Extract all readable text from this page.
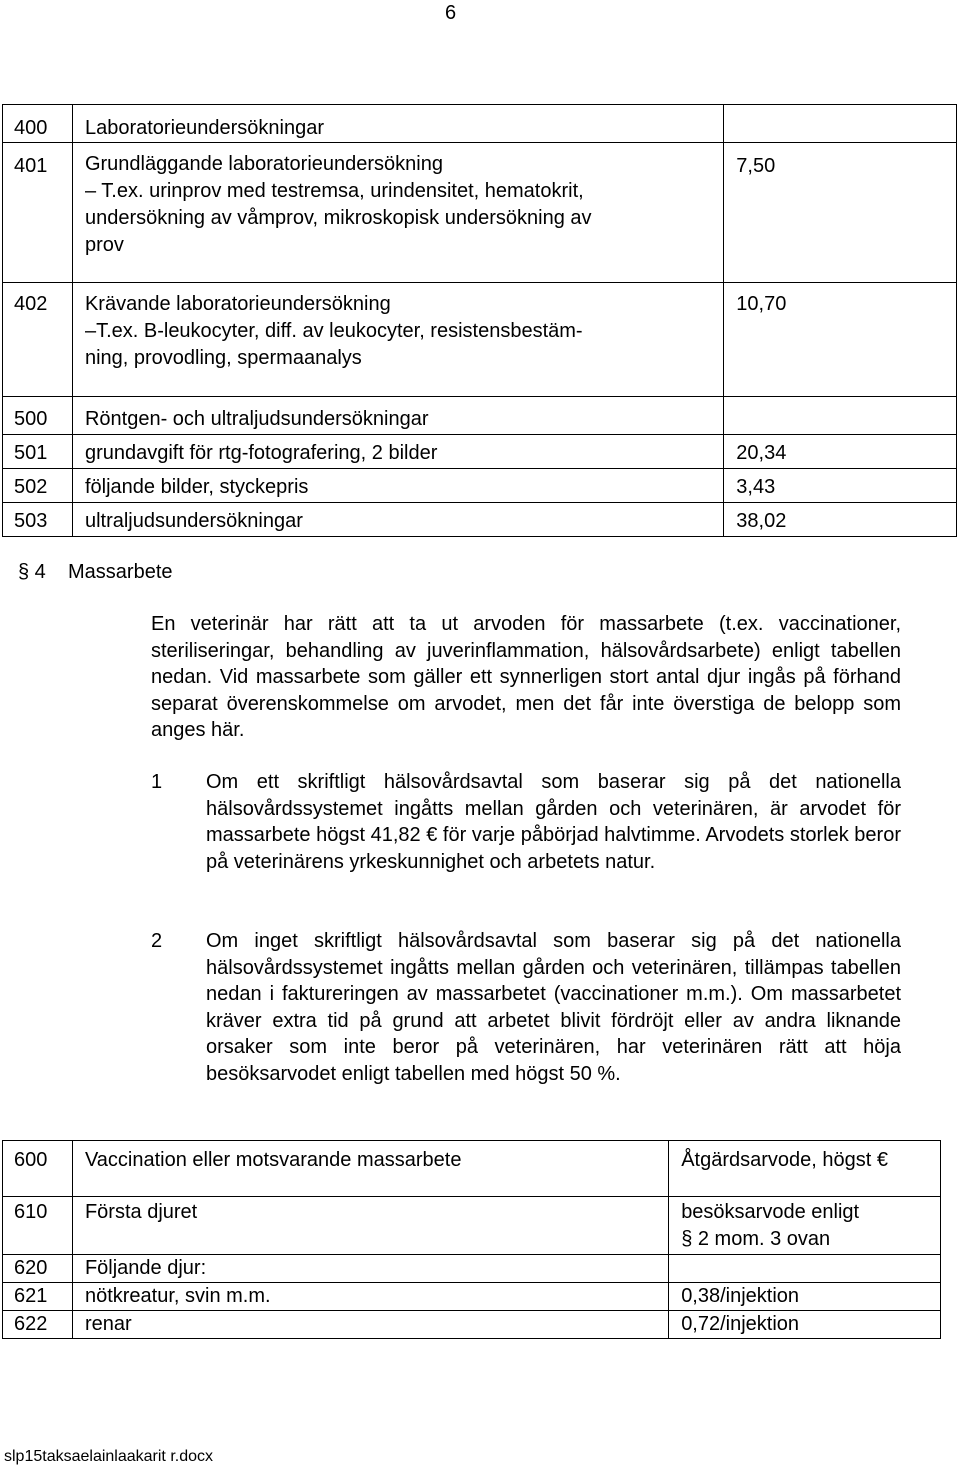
6
400	Laboratorieundersökningar	
401	Grundläggande laboratorieundersökning
– T.ex. urinprov med testremsa, urindensitet, hematokrit,
undersökning av våmprov, mikroskopisk undersökning av
prov	7,50
402	Krävande laboratorieundersökning
–T.ex. B-leukocyter, diff. av leukocyter, resistensbestäm-
ning, provodling, spermaanalys	10,70
500	Röntgen- och ultraljudsundersökningar	
501	grundavgift för rtg-fotografering, 2 bilder	20,34
502	följande bilder, styckepris	3,43
503	ultraljudsundersökningar	38,02
§ 4 Massarbete
En veterinär har rätt att ta ut arvoden för massarbete (t.ex. vaccinationer, steriliseringar, behandling av juverinflammation, hälsovårdsarbete) enligt tabellen nedan. Vid massarbete som gäller ett synnerligen stort antal djur ingås på förhand separat överenskommelse om arvodet, men det får inte överstiga de belopp som anges här.
1 Om ett skriftligt hälsovårdsavtal som baserar sig på det nationella hälsovårdssystemet ingåtts mellan gården och veterinären, är arvodet för massarbete högst 41,82 € för varje påbörjad halvtimme. Arvodets storlek beror på veterinärens yrkeskunnighet och arbetets natur.
2 Om inget skriftligt hälsovårdsavtal som baserar sig på det nationella hälsovårdssystemet ingåtts mellan gården och veterinären, tillämpas tabellen nedan i faktureringen av massarbetet (vaccinationer m.m.). Om massarbetet kräver extra tid på grund att arbetet blivit fördröjt eller av andra liknande orsaker som inte beror på veterinären, har veterinären rätt att höja besöksarvodet enligt tabellen med högst 50 %.
600	Vaccination eller motsvarande massarbete	Åtgärdsarvode, högst €
610	Första djuret	besöksarvode enligt
§ 2 mom. 3 ovan

620	Följande djur:	
621	nötkreatur, svin m.m.	0,38/injektion
622	renar	0,72/injektion
slp15taksaelainlaakarit r.docx
